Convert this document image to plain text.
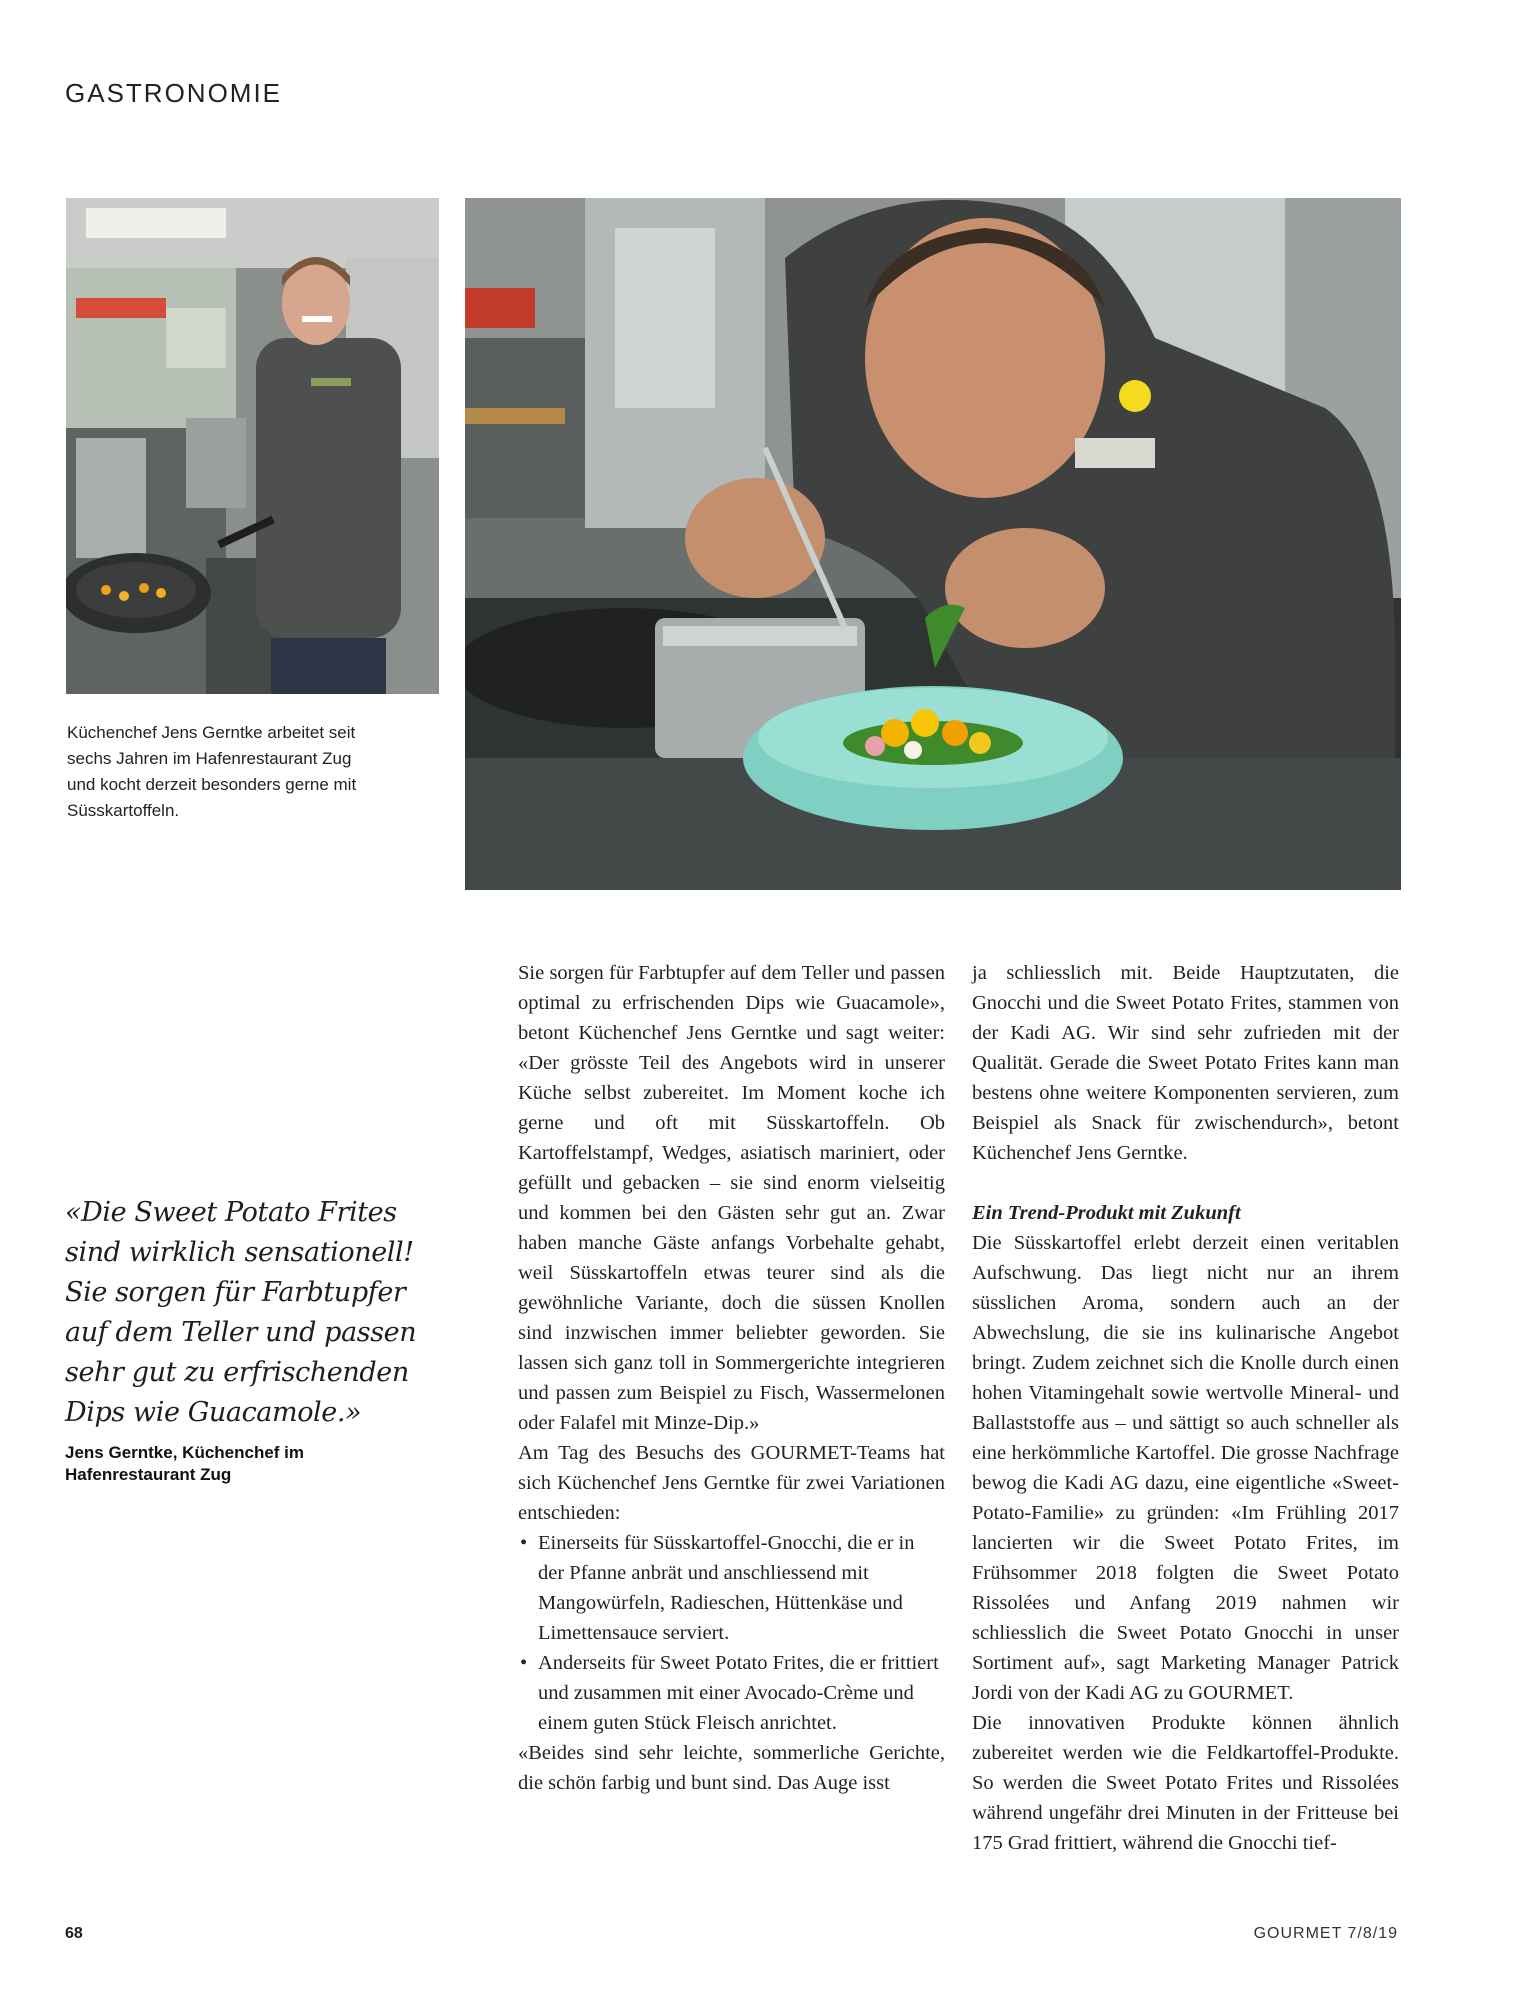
GASTRONOMIE
Küchenchef Jens Gerntke arbeitet seit sechs Jahren im Hafenrestaurant Zug und kocht derzeit besonders gerne mit Süsskartoffeln.
«Die Sweet Potato Frites sind wirklich sensationell! Sie sorgen für Farbtupfer auf dem Teller und passen sehr gut zu erfrischenden Dips wie Guacamole.»
Jens Gerntke, Küchenchef im Hafenrestaurant Zug

Sie sorgen für Farbtupfer auf dem Teller und passen optimal zu erfrischenden Dips wie Guacamole», betont Küchenchef Jens Gerntke und sagt weiter: «Der grösste Teil des Angebots wird in unserer Küche selbst zubereitet. Im Moment koche ich gerne und oft mit Süsskartoffeln. Ob Kartoffelstampf, Wedges, asiatisch mariniert, oder gefüllt und gebacken – sie sind enorm vielseitig und kommen bei den Gästen sehr gut an. Zwar haben manche Gäste anfangs Vorbehalte gehabt, weil Süsskartoffeln etwas teurer sind als die gewöhnliche Variante, doch die süssen Knollen sind inzwischen immer beliebter geworden. Sie lassen sich ganz toll in Sommergerichte integrieren und passen zum Beispiel zu Fisch, Wassermelonen oder Falafel mit Minze-Dip.»

Am Tag des Besuchs des GOURMET-Teams hat sich Küchenchef Jens Gerntke für zwei Variationen entschieden:

• Einerseits für Süsskartoffel-Gnocchi, die er in der Pfanne anbrät und anschliessend mit Mangowürfeln, Radieschen, Hüttenkäse und Limettensauce serviert.
• Anderseits für Sweet Potato Frites, die er frittiert und zusammen mit einer Avocado-Crème und einem guten Stück Fleisch anrichtet.

«Beides sind sehr leichte, sommerliche Gerichte, die schön farbig und bunt sind. Das Auge isst

ja schliesslich mit. Beide Hauptzutaten, die Gnocchi und die Sweet Potato Frites, stammen von der Kadi AG. Wir sind sehr zufrieden mit der Qualität. Gerade die Sweet Potato Frites kann man bestens ohne weitere Komponenten servieren, zum Beispiel als Snack für zwischendurch», betont Küchenchef Jens Gerntke.

Ein Trend-Produkt mit Zukunft

Die Süsskartoffel erlebt derzeit einen veritablen Aufschwung. Das liegt nicht nur an ihrem süsslichen Aroma, sondern auch an der Abwechslung, die sie ins kulinarische Angebot bringt. Zudem zeichnet sich die Knolle durch einen hohen Vitamingehalt sowie wertvolle Mineral- und Ballaststoffe aus – und sättigt so auch schneller als eine herkömmliche Kartoffel. Die grosse Nachfrage bewog die Kadi AG dazu, eine eigentliche «Sweet-Potato-Familie» zu gründen: «Im Frühling 2017 lancierten wir die Sweet Potato Frites, im Frühsommer 2018 folgten die Sweet Potato Rissolées und Anfang 2019 nahmen wir schliesslich die Sweet Potato Gnocchi in unser Sortiment auf», sagt Marketing Manager Patrick Jordi von der Kadi AG zu GOURMET.

Die innovativen Produkte können ähnlich zubereitet werden wie die Feldkartoffel-Produkte. So werden die Sweet Potato Frites und Rissolées während ungefähr drei Minuten in der Fritteuse bei 175 Grad frittiert, während die Gnocchi tief-

68	GOURMET 7/8/19
